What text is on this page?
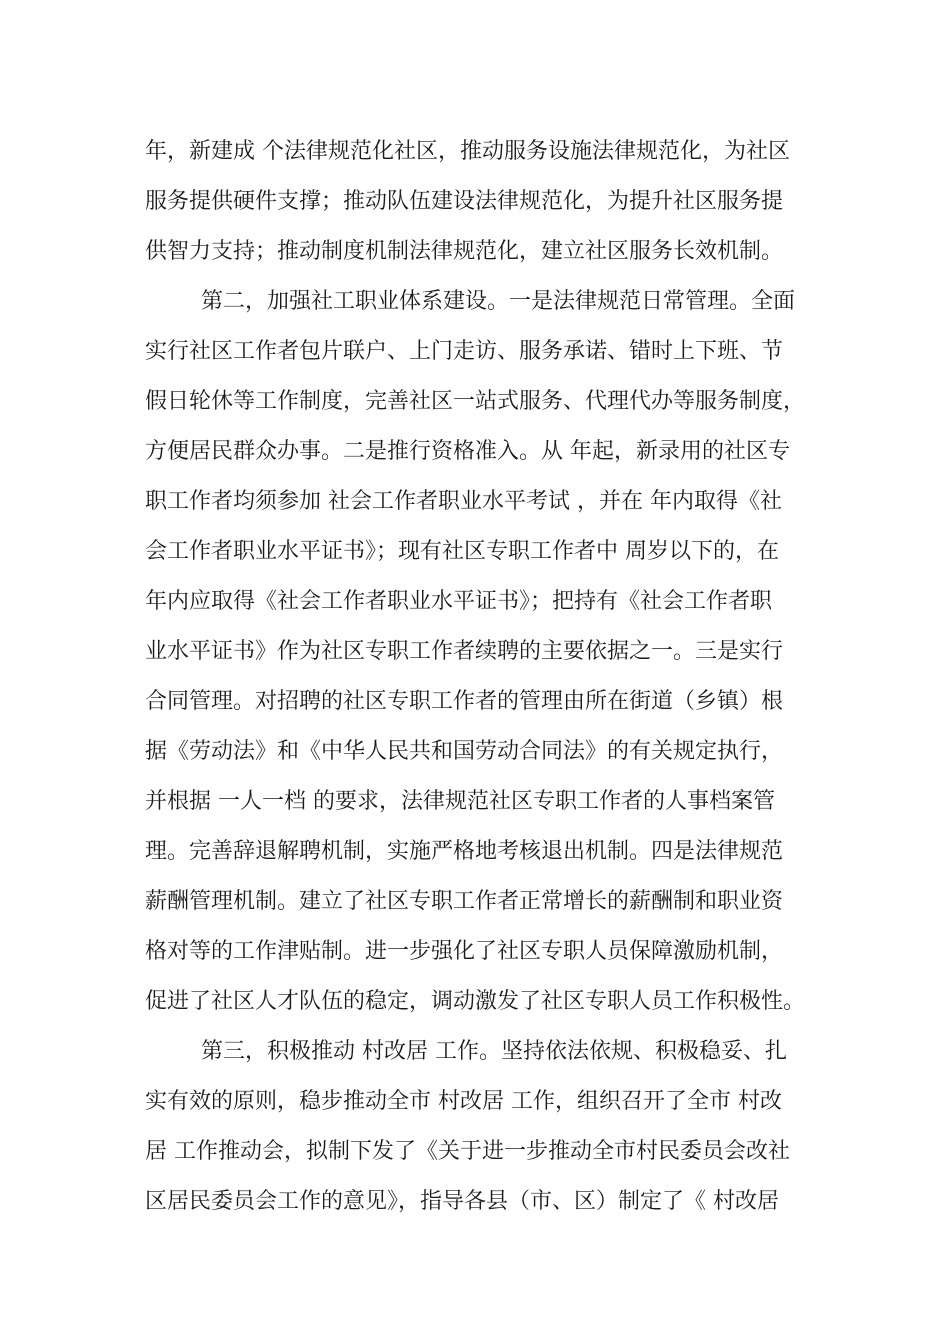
年，新建成 个法律规范化社区，推动服务设施法律规范化，为社区
服务提供硬件支撑；推动队伍建设法律规范化，为提升社区服务提
供智力支持；推动制度机制法律规范化，建立社区服务长效机制。
第二，加强社工职业体系建设。一是法律规范日常管理。全面
实行社区工作者包片联户、上门走访、服务承诺、错时上下班、节
假日轮休等工作制度，完善社区一站式服务、代理代办等服务制度，
方便居民群众办事。二是推行资格准入。从 年起，新录用的社区专
职工作者均须参加 社会工作者职业水平考试 ，并在 年内取得《社
会工作者职业水平证书》；现有社区专职工作者中 周岁以下的，在
年内应取得《社会工作者职业水平证书》；把持有《社会工作者职
业水平证书》作为社区专职工作者续聘的主要依据之一。三是实行
合同管理。对招聘的社区专职工作者的管理由所在街道（乡镇）根
据《劳动法》和《中华人民共和国劳动合同法》的有关规定执行，
并根据 一人一档 的要求，法律规范社区专职工作者的人事档案管
理。完善辞退解聘机制，实施严格地考核退出机制。四是法律规范
薪酬管理机制。建立了社区专职工作者正常增长的薪酬制和职业资
格对等的工作津贴制。进一步强化了社区专职人员保障激励机制，
促进了社区人才队伍的稳定，调动激发了社区专职人员工作积极性。
第三，积极推动 村改居 工作。坚持依法依规、积极稳妥、扎
实有效的原则，稳步推动全市 村改居 工作，组织召开了全市 村改
居 工作推动会，拟制下发了《关于进一步推动全市村民委员会改社
区居民委员会工作的意见》，指导各县（市、区）制定了《 村改居
